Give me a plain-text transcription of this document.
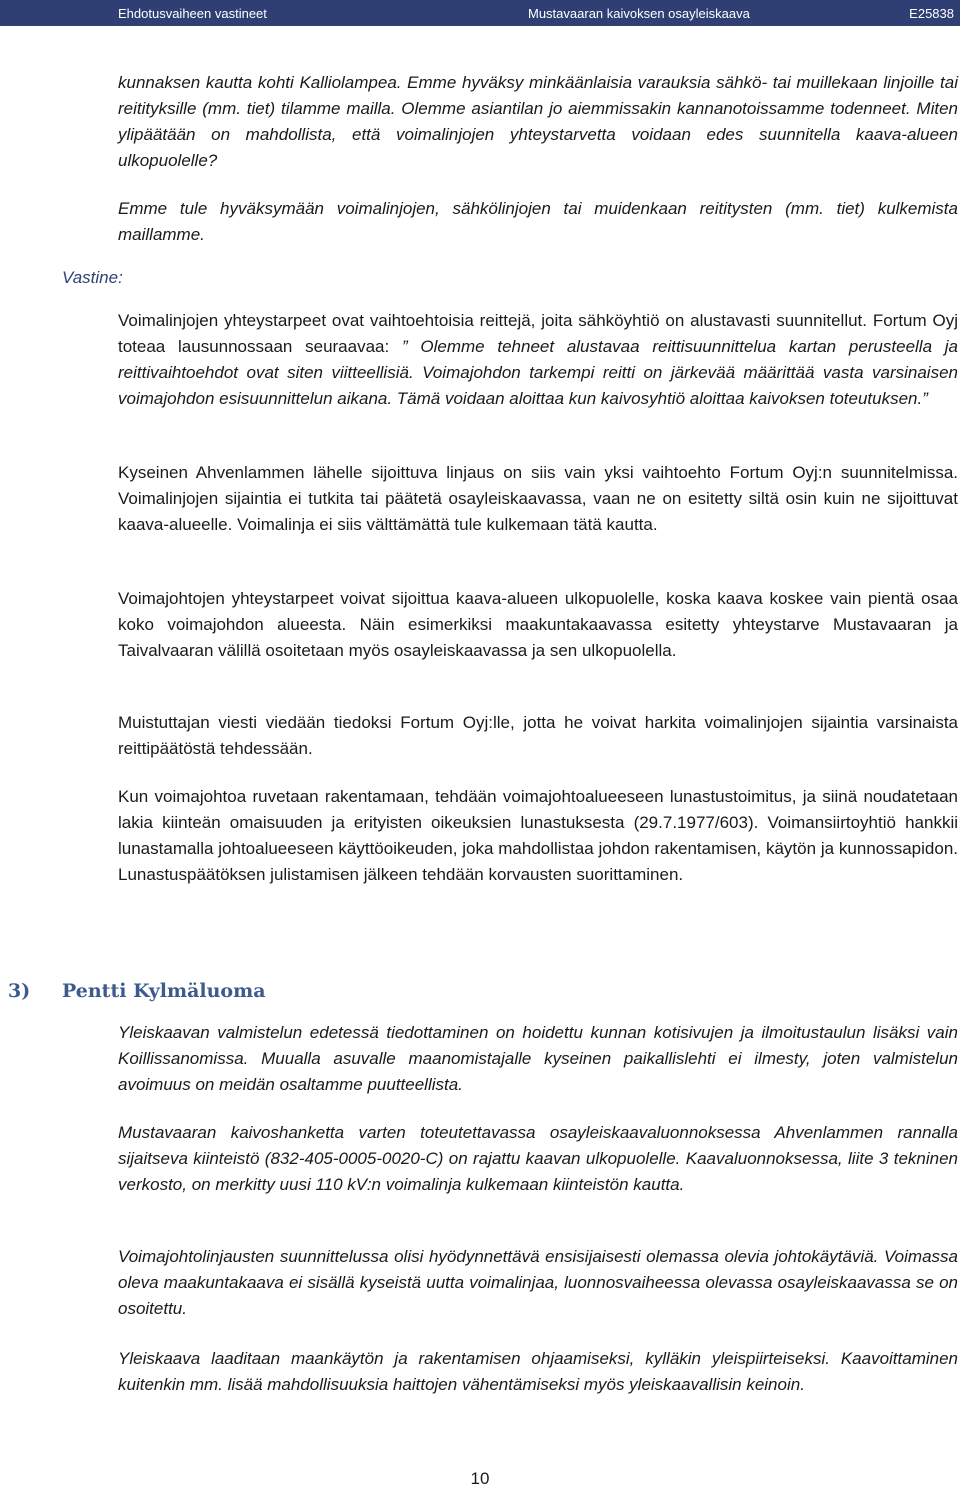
Ehdotusvaiheen vastineet	Mustavaaran kaivoksen osayleiskaava	E25838

kunnaksen kautta kohti Kalliolampea. Emme hyväksy minkäänlaisia varauksia sähkö- tai muillekaan linjoille tai reitityksille (mm. tiet) tilamme mailla. Olemme asiantilan jo aiemmissakin kannanotoissamme todenneet. Miten ylipäätään on mahdollista, että voimalinjojen yhteystarvetta voidaan edes suunnitella kaava-alueen ulkopuolelle?

Emme tule hyväksymään voimalinjojen, sähkölinjojen tai muidenkaan reititysten (mm. tiet) kulkemista maillamme.

Vastine:

Voimalinjojen yhteystarpeet ovat vaihtoehtoisia reittejä, joita sähköyhtiö on alustavasti suunnitellut. Fortum Oyj toteaa lausunnossaan seuraavaa: ” Olemme tehneet alustavaa reittisuunnittelua kartan perusteella ja reittivaihtoehdot ovat siten viitteellisiä. Voimajohdon tarkempi reitti on järkevää määrittää vasta varsinaisen voimajohdon esisuunnittelun aikana. Tämä voidaan aloittaa kun kaivosyhtiö aloittaa kaivoksen toteutuksen.”

Kyseinen Ahvenlammen lähelle sijoittuva linjaus on siis vain yksi vaihtoehto Fortum Oyj:n suunnitelmissa. Voimalinjojen sijaintia ei tutkita tai päätetä osayleiskaavassa, vaan ne on esitetty siltä osin kuin ne sijoittuvat kaava-alueelle. Voimalinja ei siis välttämättä tule kulkemaan tätä kautta.

Voimajohtojen yhteystarpeet voivat sijoittua kaava-alueen ulkopuolelle, koska kaava koskee vain pientä osaa koko voimajohdon alueesta. Näin esimerkiksi maakuntakaavassa esitetty yhteystarve Mustavaaran ja Taivalvaaran välillä osoitetaan myös osayleiskaavassa ja sen ulkopuolella.

Muistuttajan viesti viedään tiedoksi Fortum Oyj:lle, jotta he voivat harkita voimalinjojen sijaintia varsinaista reittipäätöstä tehdessään.

Kun voimajohtoa ruvetaan rakentamaan, tehdään voimajohtoalueeseen lunastustoimitus, ja siinä noudatetaan lakia kiinteän omaisuuden ja erityisten oikeuksien lunastuksesta (29.7.1977/603). Voimansiirtoyhtiö hankkii lunastamalla johtoalueeseen käyttöoikeuden, joka mahdollistaa johdon rakentamisen, käytön ja kunnossapidon. Lunastuspäätöksen julistamisen jälkeen tehdään korvausten suorittaminen.

3) Pentti Kylmäluoma

Yleiskaavan valmistelun edetessä tiedottaminen on hoidettu kunnan kotisivujen ja ilmoitustaulun lisäksi vain Koillissanomissa. Muualla asuvalle maanomistajalle kyseinen paikallislehti ei ilmesty, joten valmistelun avoimuus on meidän osaltamme puutteellista.

Mustavaaran kaivoshanketta varten toteutettavassa osayleiskaavaluonnoksessa Ahvenlammen rannalla sijaitseva kiinteistö (832-405-0005-0020-C) on rajattu kaavan ulkopuolelle. Kaavaluonnoksessa, liite 3 tekninen verkosto, on merkitty uusi 110 kV:n voimalinja kulkemaan kiinteistön kautta.

Voimajohtolinjausten suunnittelussa olisi hyödynnettävä ensisijaisesti olemassa olevia johtokäytäviä. Voimassa oleva maakuntakaava ei sisällä kyseistä uutta voimalinjaa, luonnosvaiheessa olevassa osayleiskaavassa se on osoitettu.

Yleiskaava laaditaan maankäytön ja rakentamisen ohjaamiseksi, kylläkin yleispiirteiseksi. Kaavoittaminen kuitenkin mm. lisää mahdollisuuksia haittojen vähentämiseksi myös yleiskaavallisin keinoin.

10
